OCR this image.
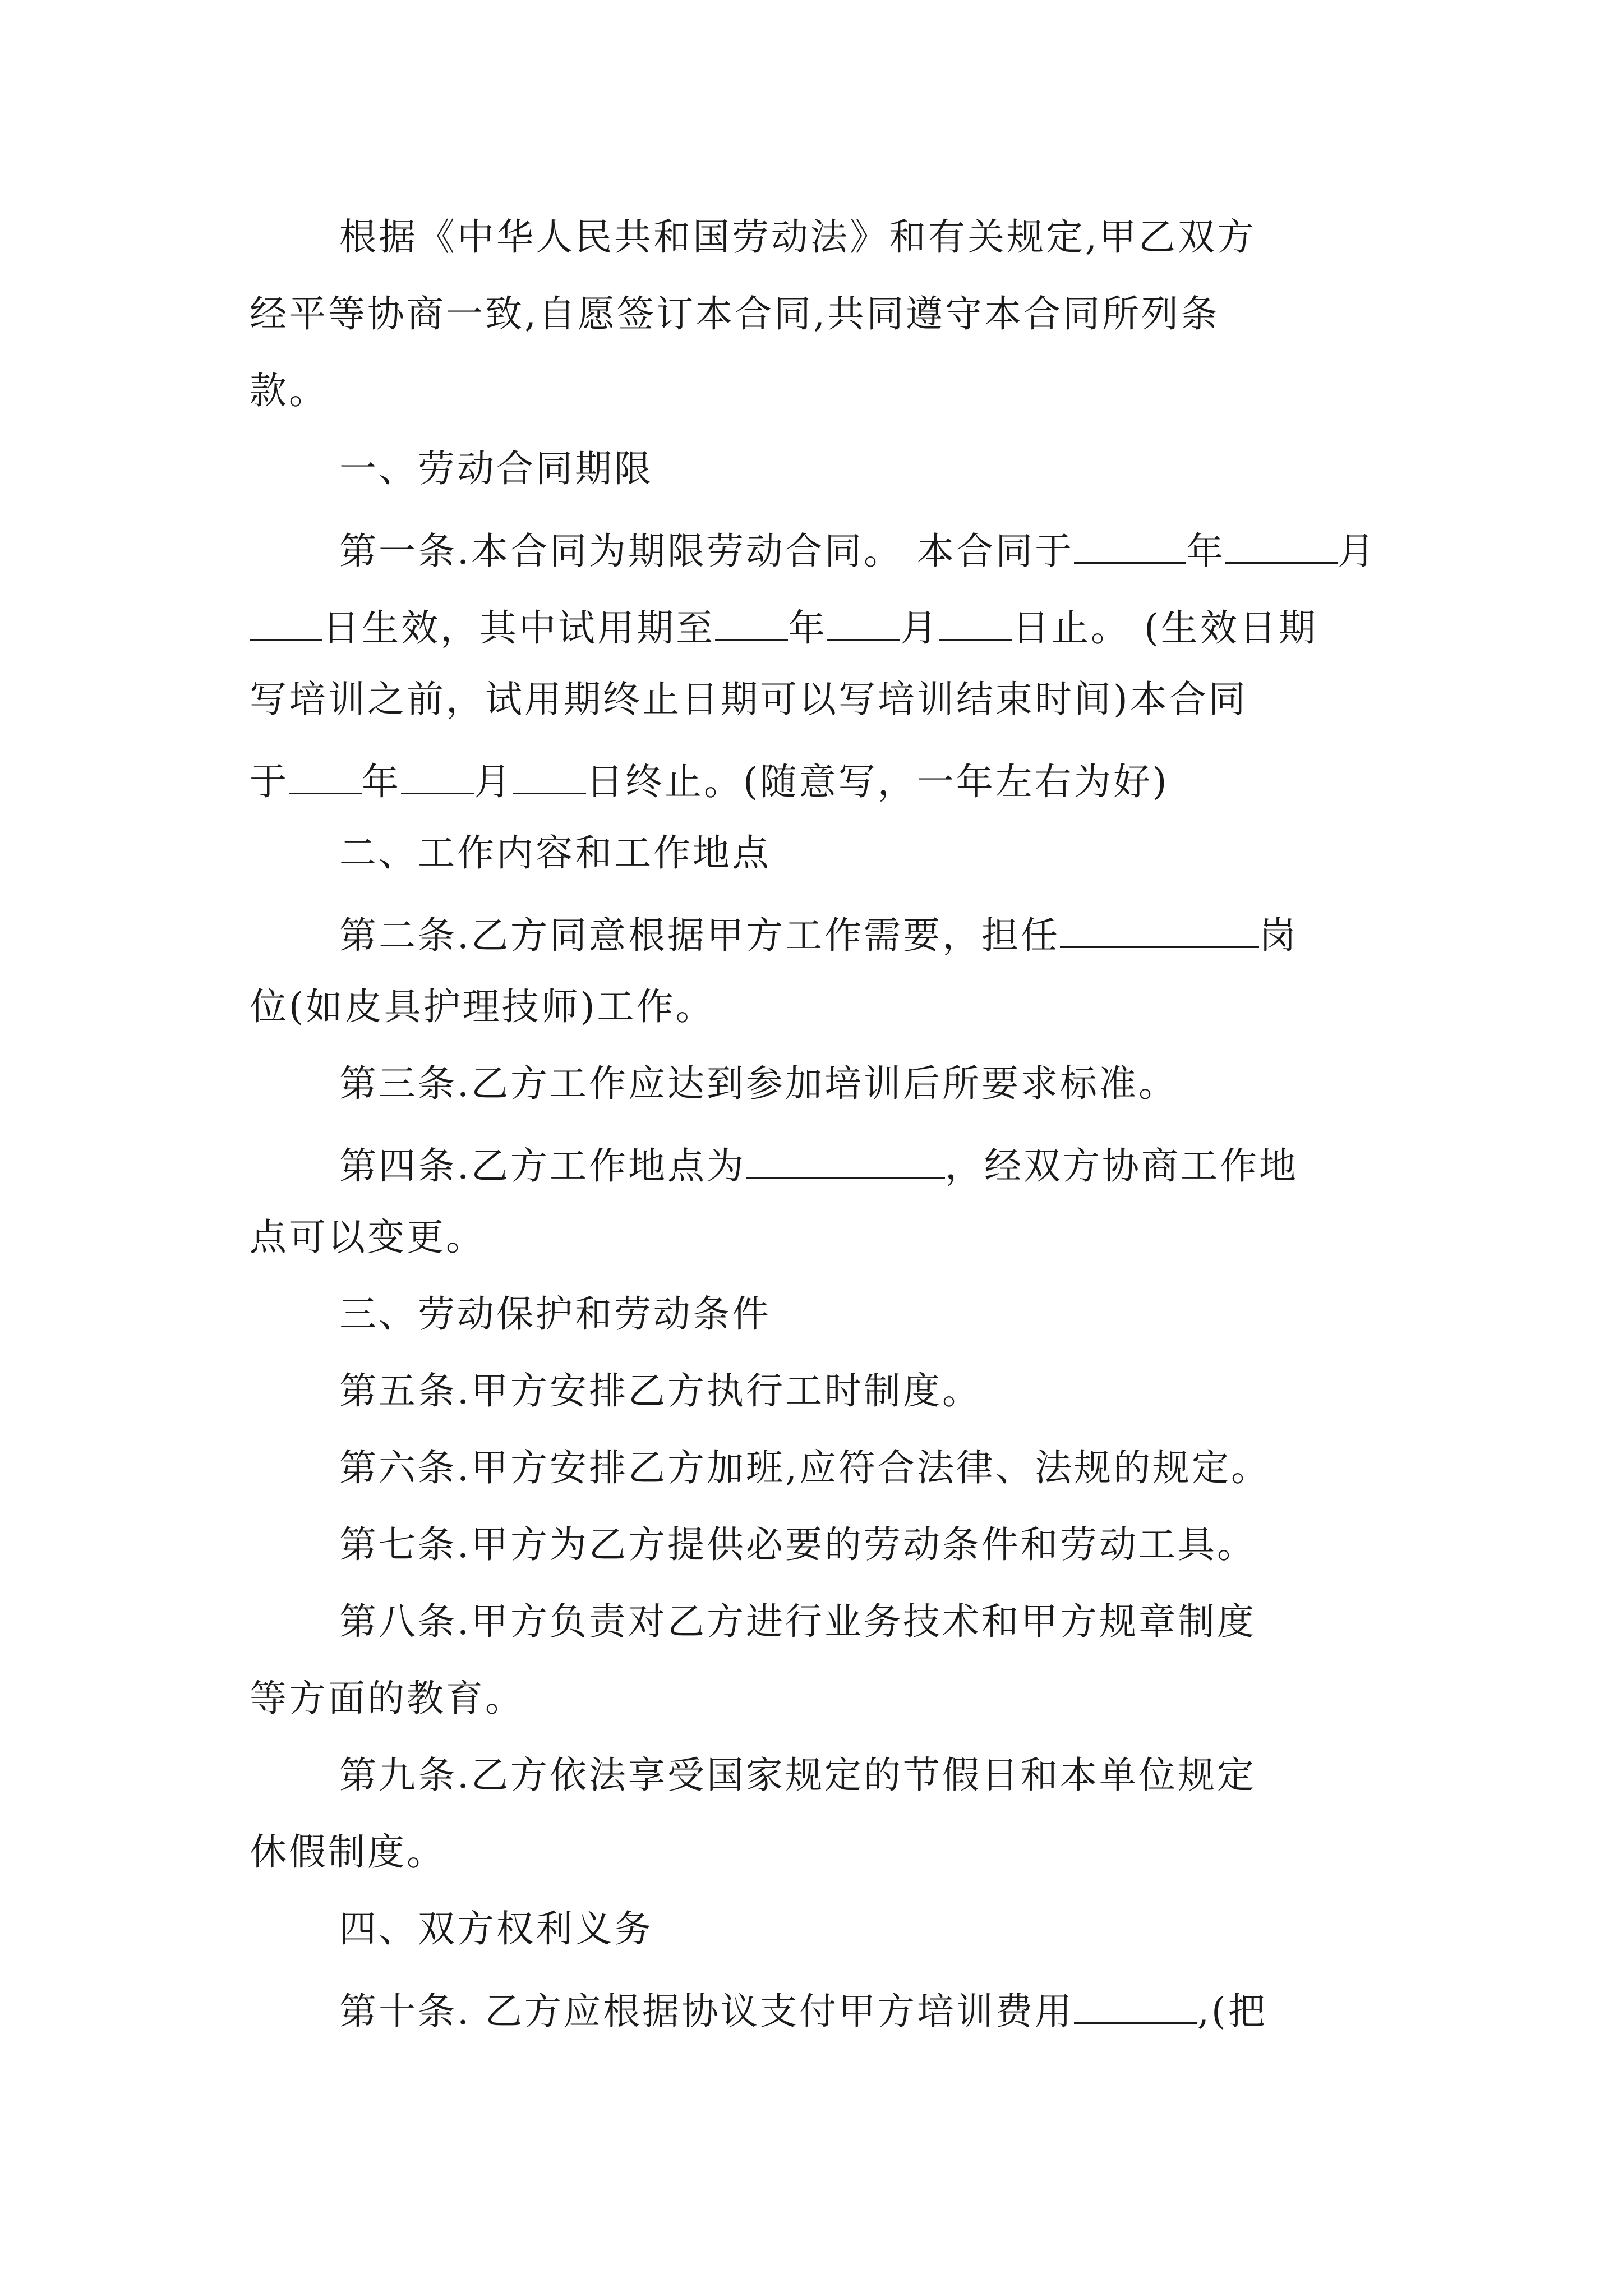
根据《中华人民共和国劳动法》和有关规定,甲乙双方

经平等协商一致,自愿签订本合同,共同遵守本合同所列条

款。

一、劳动合同期限

第一条.本合同为期限劳动合同。 本合同于	年	月

日生效，其中试用期至 年 月 日止。 (生效日期

写培训之前，试用期终止日期可以写培训结束时间)本合同

于 年 月 日终止。(随意写，一年左右为好)

二、工作内容和工作地点

第二条.乙方同意根据甲方工作需要，担任	岗

位(如皮具护理技师)工作。

第三条.乙方工作应达到参加培训后所要求标准。

第四条.乙方工作地点为	，经双方协商工作地

点可以变更。

三、劳动保护和劳动条件

第五条.甲方安排乙方执行工时制度。

第六条.甲方安排乙方加班,应符合法律、法规的规定。

第七条.甲方为乙方提供必要的劳动条件和劳动工具。

第八条.甲方负责对乙方进行业务技术和甲方规章制度

等方面的教育。

第九条.乙方依法享受国家规定的节假日和本单位规定

休假制度。

四、双方权利义务

第十条. 乙方应根据协议支付甲方培训费用	,(把
